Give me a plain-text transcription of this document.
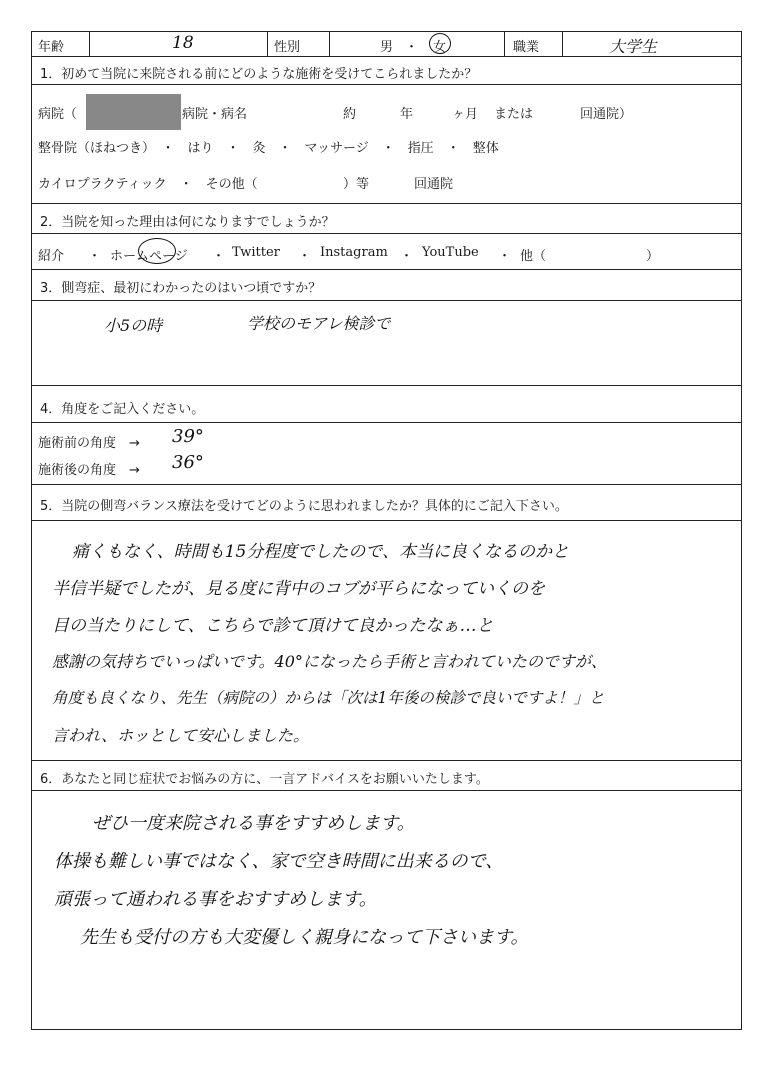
年齢	18	性別	男 ・ 女	職業	大学生
1．初めて当院に来院される前にどのような施術を受けてこられましたか？
病院（	病院・病名	約	年	ヶ月 または	回通院）
整骨院（ほねつき）　・　はり　・　灸　・　マッサージ　・　指圧　・　整体
カイロプラクティック　・　その他（	）等	回通院
2．当院を知った理由は何になりますでしょうか？
紹介 ・ ホームページ ・ Twitter ・ Instagram ・ YouTube ・ 他（	）
3．側弯症、最初にわかったのはいつ頃ですか？
小5の時	学校のモアレ検診で
4．角度をご記入ください。
施術前の角度　→ 39°
施術後の角度　→ 36°
5．当院の側弯バランス療法を受けてどのように思われましたか？具体的にご記入下さい。
痛くもなく、時間も15分程度でしたので、本当に良くなるのかと
半信半疑でしたが、見る度に背中のコブが平らになっていくのを
目の当たりにして、こちらで診て頂けて良かったなぁ…と
感謝の気持ちでいっぱいです。40°になったら手術と言われていたのですが、
角度も良くなり、先生（病院の）からは「次は1年後の検診で良いですよ！」と
言われ、ホッとして安心しました。
6．あなたと同じ症状でお悩みの方に、一言アドバイスをお願いいたします。
ぜひ一度来院される事をすすめします。
体操も難しい事ではなく、家で空き時間に出来るので、
頑張って通われる事をおすすめします。
先生も受付の方も大変優しく親身になって下さいます。
